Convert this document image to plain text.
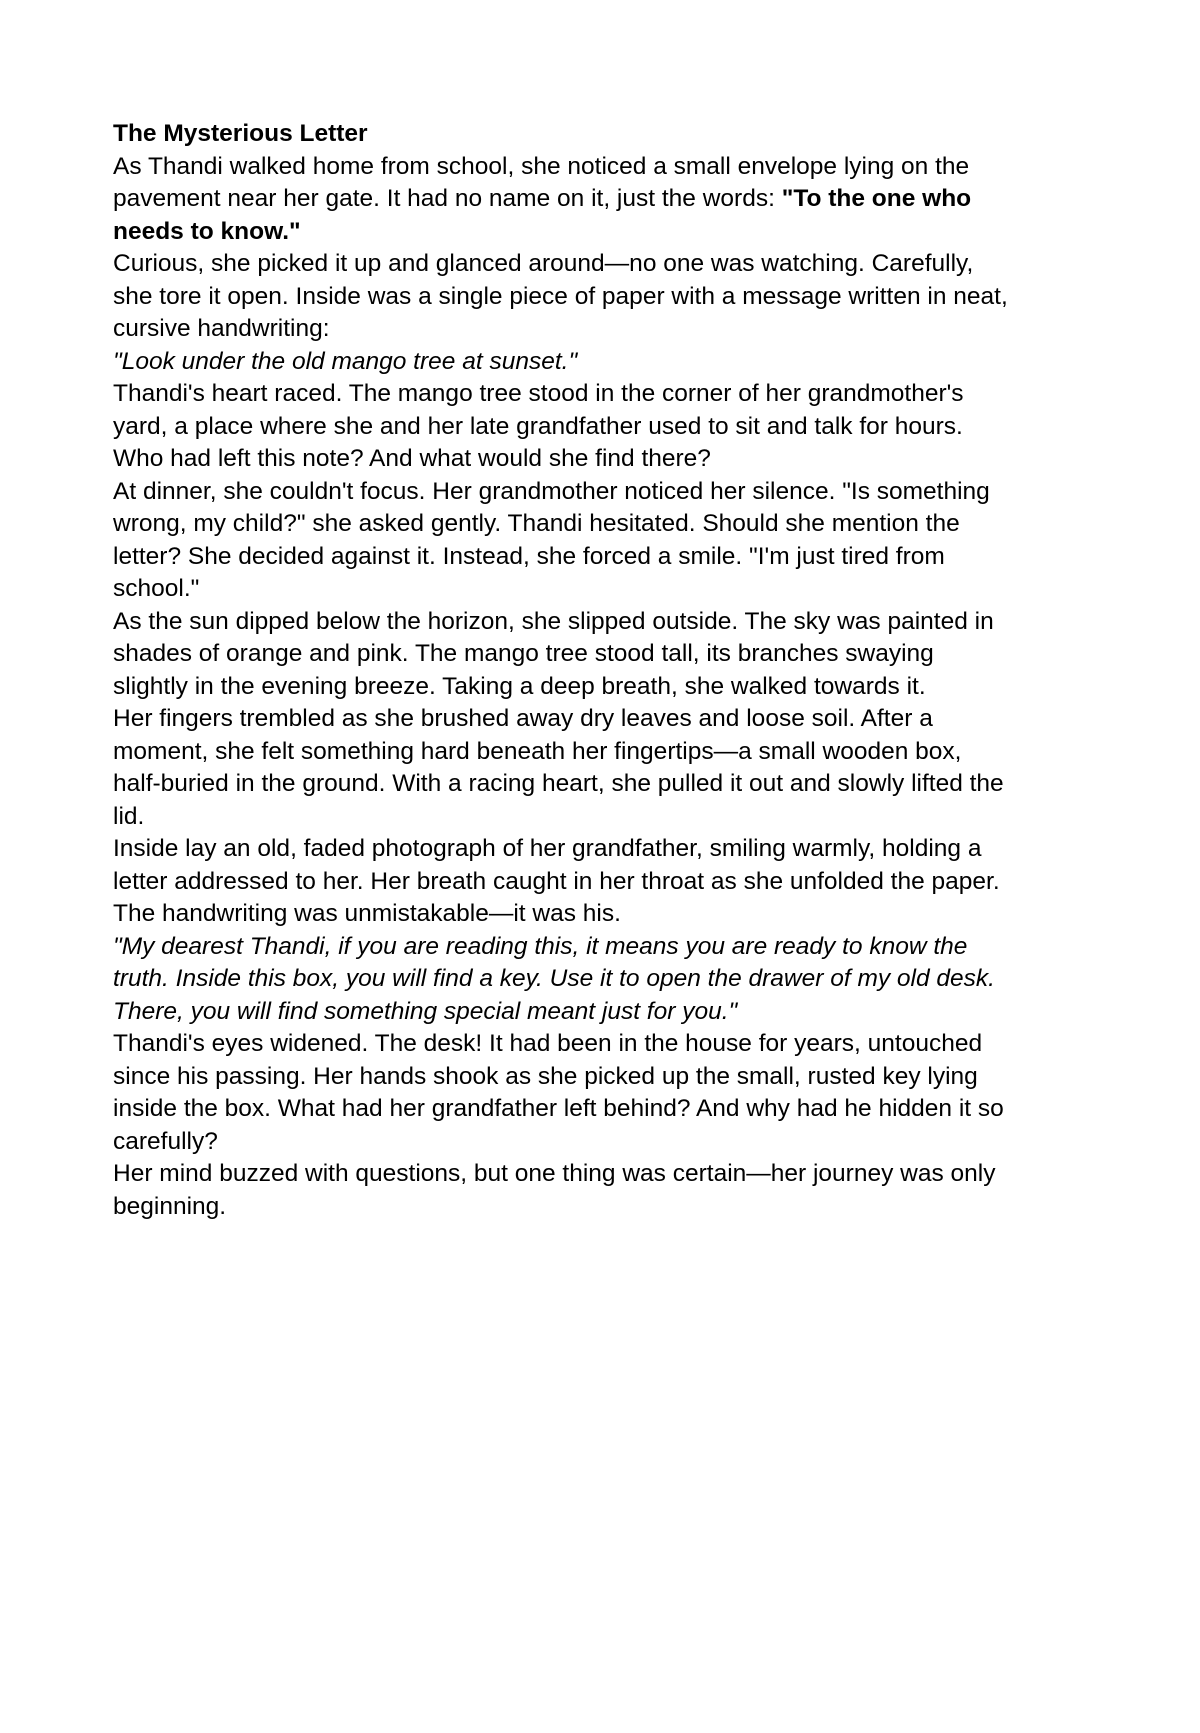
The Mysterious Letter
As Thandi walked home from school, she noticed a small envelope lying on the
pavement near her gate. It had no name on it, just the words: "To the one who
needs to know."
Curious, she picked it up and glanced around—no one was watching. Carefully,
she tore it open. Inside was a single piece of paper with a message written in neat,
cursive handwriting:
"Look under the old mango tree at sunset."
Thandi's heart raced. The mango tree stood in the corner of her grandmother's
yard, a place where she and her late grandfather used to sit and talk for hours.
Who had left this note? And what would she find there?
At dinner, she couldn't focus. Her grandmother noticed her silence. "Is something
wrong, my child?" she asked gently. Thandi hesitated. Should she mention the
letter? She decided against it. Instead, she forced a smile. "I'm just tired from
school."
As the sun dipped below the horizon, she slipped outside. The sky was painted in
shades of orange and pink. The mango tree stood tall, its branches swaying
slightly in the evening breeze. Taking a deep breath, she walked towards it.
Her fingers trembled as she brushed away dry leaves and loose soil. After a
moment, she felt something hard beneath her fingertips—a small wooden box,
half-buried in the ground. With a racing heart, she pulled it out and slowly lifted the
lid.
Inside lay an old, faded photograph of her grandfather, smiling warmly, holding a
letter addressed to her. Her breath caught in her throat as she unfolded the paper.
The handwriting was unmistakable—it was his.
"My dearest Thandi, if you are reading this, it means you are ready to know the
truth. Inside this box, you will find a key. Use it to open the drawer of my old desk.
There, you will find something special meant just for you."
Thandi's eyes widened. The desk! It had been in the house for years, untouched
since his passing. Her hands shook as she picked up the small, rusted key lying
inside the box. What had her grandfather left behind? And why had he hidden it so
carefully?
Her mind buzzed with questions, but one thing was certain—her journey was only
beginning.
